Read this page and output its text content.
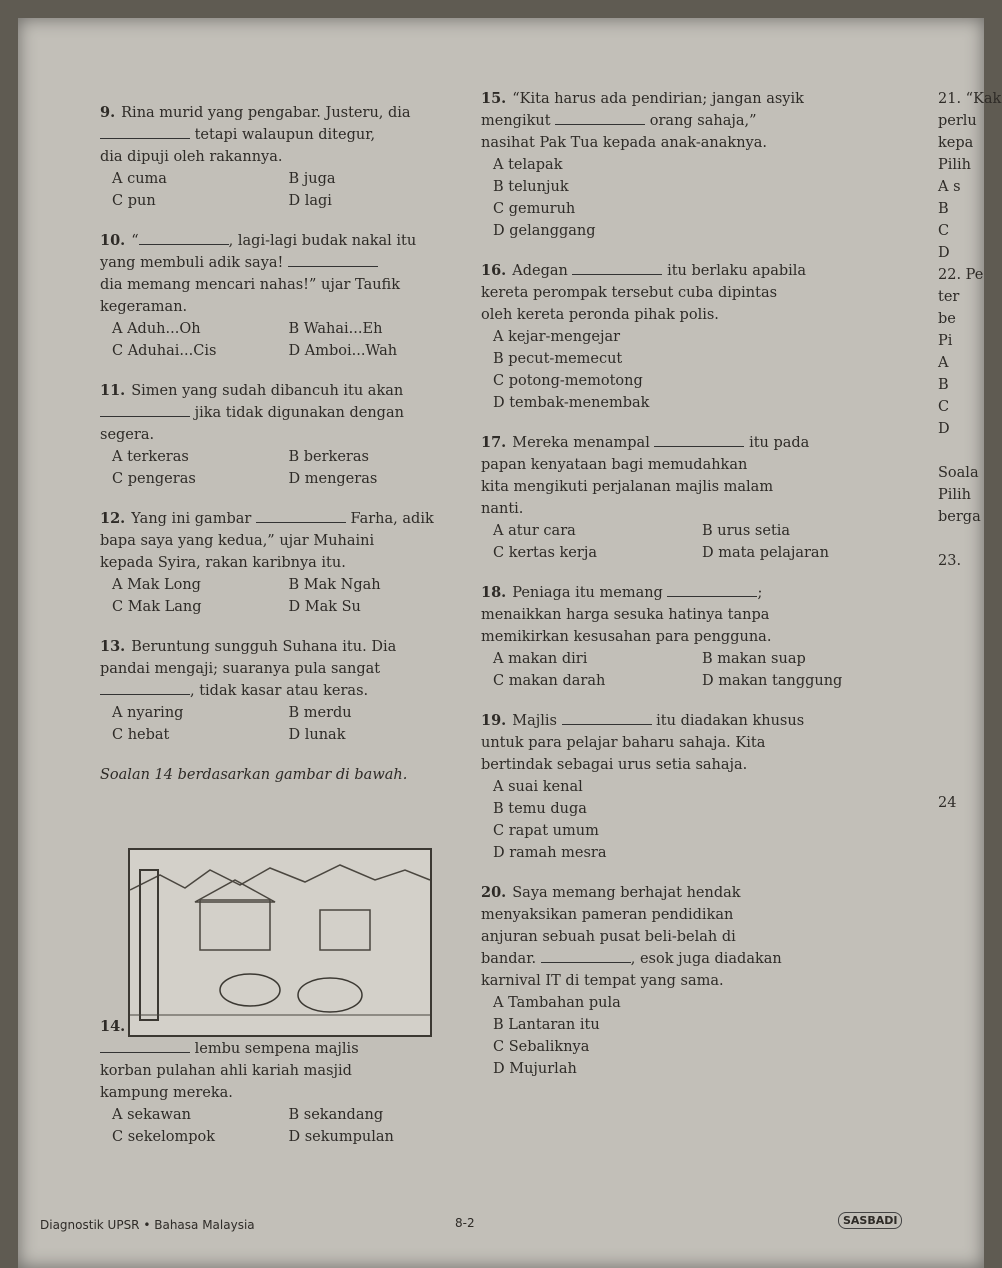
9. Rina murid yang pengabar. Justeru, dia
tetapi walaupun ditegur,
dia dipuji oleh rakannya.
A cuma	B juga
C pun	D lagi
10. “	, lagi-lagi budak nakal itu
yang membuli adik saya!
dia memang mencari nahas!” ujar Taufik
kegeraman.
A Aduh...Oh	B Wahai...Eh
C Aduhai...Cis	D Amboi...Wah
11. Simen yang sudah dibancuh itu akan
jika tidak digunakan dengan
segera.
A terkeras	B berkeras
C pengeras	D mengeras
12. Yang ini gambar	Farha, adik
bapa saya yang kedua,” ujar Muhaini
kepada Syira, rakan karibnya itu.
A Mak Long	B Mak Ngah
C Mak Lang	D Mak Su
13. Beruntung sungguh Suhana itu. Dia
pandai mengaji; suaranya pula sangat
, tidak kasar atau keras.
A nyaring	B merdu
C hebat	D lunak
Soalan 14 berdasarkan gambar di bawah.
14.
lembu sempena majlis
korban pulahan ahli kariah masjid
kampung mereka.
A sekawan	B sekandang
C sekelompok	D sekumpulan
15. “Kita harus ada pendirian; jangan asyik
mengikut	orang sahaja,”
nasihat Pak Tua kepada anak-anaknya.
A telapak
B telunjuk
C gemuruh
D gelanggang
16. Adegan	itu berlaku apabila
kereta perompak tersebut cuba dipintas
oleh kereta peronda pihak polis.
A kejar-mengejar
B pecut-memecut
C potong-memotong
D tembak-menembak
17. Mereka menampal	itu pada
papan kenyataan bagi memudahkan
kita mengikuti perjalanan majlis malam
nanti.
A atur cara	B urus setia
C kertas kerja	D mata pelajaran
18. Peniaga itu memang	;
menaikkan harga sesuka hatinya tanpa
memikirkan kesusahan para pengguna.
A makan diri	B makan suap
C makan darah	D makan tanggung
19. Majlis	itu diadakan khusus
untuk para pelajar baharu sahaja. Kita
bertindak sebagai urus setia sahaja.
A suai kenal
B temu duga
C rapat umum
D ramah mesra
20. Saya memang berhajat hendak
menyaksikan pameran pendidikan
anjuran sebuah pusat beli-belah di
bandar.	, esok juga diadakan
karnival IT di tempat yang sama.
A Tambahan pula
B Lantaran itu
C Sebaliknya
D Mujurlah
21. “Kak
perlu
kepa
Pilih
A s
B
C
D
22. Pe
ter
be
Pi
A
B
C
D

Soala
Pilih
berga

23.
24
Diagnostik UPSR • Bahasa Malaysia	8-2	SASBADI
